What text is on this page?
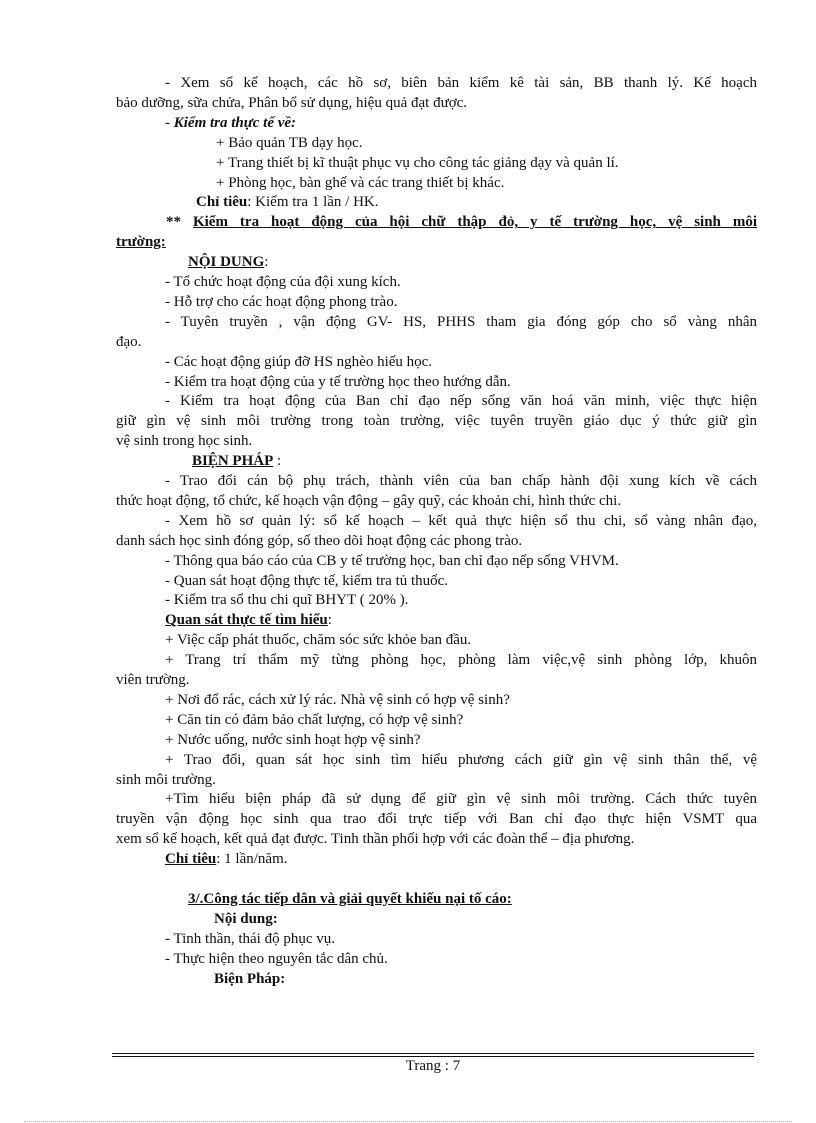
- Xem sổ kế hoạch, các hồ sơ, biên bản kiểm kê tài sản, BB thanh lý. Kế hoạch

bảo dưỡng, sữa chửa, Phân bổ sử dụng, hiệu quả đạt được.

- Kiểm tra thực tế về:

+ Bảo quản TB dạy học.

+ Trang thiết bị kĩ thuật phục vụ cho công tác giảng dạy và quản lí.

+ Phòng học, bàn ghế và các trang thiết bị khác.

Chỉ tiêu: Kiểm tra 1 lần / HK.

** Kiểm tra hoạt động của hội chữ thập đỏ, y tế trường học, vệ sinh môi

trường:

NỘI DUNG:

- Tổ chức hoạt động của đội xung kích.

- Hỗ trợ cho các hoạt động phong trào.

- Tuyên truyền , vận động GV- HS, PHHS tham gia đóng góp cho sổ vàng nhân

đạo.

- Các hoạt động giúp đỡ HS nghèo hiếu học.

- Kiểm tra hoạt động của y tế trường học theo hướng dẫn.

- Kiểm tra hoạt động của Ban chỉ đạo nếp sống văn hoá văn minh, việc thực hiện

giữ gìn vệ sinh môi trường trong toàn trường, việc tuyên truyền giáo dục ý thức giữ gìn

vệ sinh trong học sinh.

BIỆN PHÁP :

- Trao đổi cán bộ phụ trách, thành viên của ban chấp hành đội xung kích về cách

thức hoạt động, tổ chức, kế hoạch vận động – gây quỹ, các khoản chi, hình thức chi.

- Xem hồ sơ quản lý: sổ kế hoạch – kết quả thực hiện sổ thu chi, sổ vàng nhân đạo,

danh sách học sinh đóng góp, sổ theo dõi hoạt động các phong trào.

- Thông qua báo cáo của CB y tế trường học, ban chỉ đạo nếp sống VHVM.

- Quan sát hoạt động thực tế, kiểm tra tủ thuốc.

- Kiểm tra sổ thu chi quĩ BHYT ( 20% ).

Quan sát thực tế tìm hiểu:

+ Việc cấp phát thuốc, chăm sóc sức khỏe ban đầu.

+ Trang trí thẩm mỹ từng phòng học, phòng làm việc,vệ sinh phòng lớp, khuôn

viên trường.

+ Nơi đổ rác, cách xử lý rác. Nhà vệ sinh có hợp vệ sinh?

+ Căn tin có đảm bảo chất lượng, có hợp vệ sinh?

+ Nước uống, nước sinh hoạt hợp vệ sinh?

+ Trao đổi, quan sát học sinh tìm hiểu phương cách giữ gìn vệ sinh thân thể, vệ

sinh môi trường.

+Tìm hiểu biện pháp đã sử dụng để giữ gìn vệ sinh môi trường. Cách thức tuyên

truyền vận động học sinh qua trao đổi trực tiếp với Ban chỉ đạo thực hiện VSMT qua

xem sổ kế hoạch, kết quả đạt được. Tinh thần phối hợp với các đoàn thể – địa phương.

Chỉ tiêu: 1 lần/năm.

3/.Công tác tiếp dân và giải quyết khiếu nại tố cáo:

Nội dung:

- Tinh thần, thái độ phục vụ.

- Thực hiện theo nguyên tắc dân chủ.

Biện Pháp:

Trang : 7
